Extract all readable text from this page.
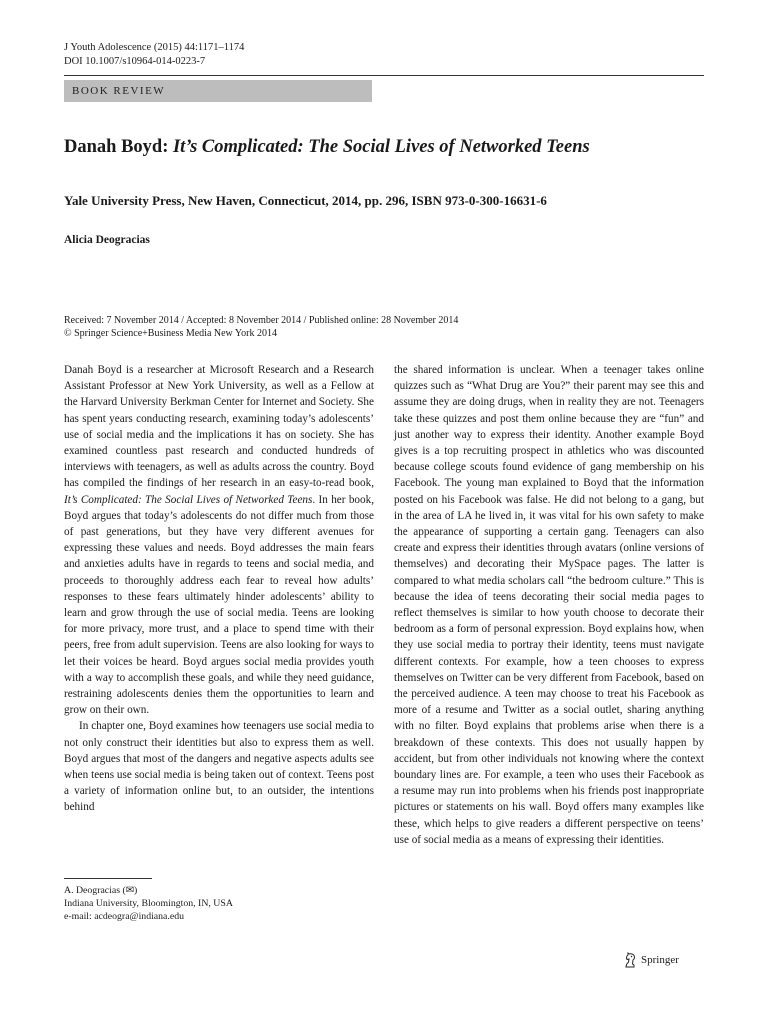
J Youth Adolescence (2015) 44:1171–1174
DOI 10.1007/s10964-014-0223-7
BOOK REVIEW
Danah Boyd: It’s Complicated: The Social Lives of Networked Teens
Yale University Press, New Haven, Connecticut, 2014, pp. 296, ISBN 973-0-300-16631-6
Alicia Deogracias
Received: 7 November 2014 / Accepted: 8 November 2014 / Published online: 28 November 2014
© Springer Science+Business Media New York 2014

Danah Boyd is a researcher at Microsoft Research and a Research Assistant Professor at New York University, as well as a Fellow at the Harvard University Berkman Center for Internet and Society. She has spent years conducting research, examining today’s adolescents’ use of social media and the implications it has on society. She has examined countless past research and conducted hundreds of interviews with teenagers, as well as adults across the country. Boyd has compiled the findings of her research in an easy-to-read book, It’s Complicated: The Social Lives of Networked Teens. In her book, Boyd argues that today’s adolescents do not differ much from those of past generations, but they have very different avenues for expressing these values and needs. Boyd addresses the main fears and anxieties adults have in regards to teens and social media, and proceeds to thoroughly address each fear to reveal how adults’ responses to these fears ultimately hinder adolescents’ ability to learn and grow through the use of social media. Teens are looking for more privacy, more trust, and a place to spend time with their peers, free from adult supervision. Teens are also looking for ways to let their voices be heard. Boyd argues social media provides youth with a way to accomplish these goals, and while they need guidance, restraining adolescents denies them the opportunities to learn and grow on their own.

In chapter one, Boyd examines how teenagers use social media to not only construct their identities but also to express them as well. Boyd argues that most of the dangers and negative aspects adults see when teens use social media is being taken out of context. Teens post a variety of information online but, to an outsider, the intentions behind

the shared information is unclear. When a teenager takes online quizzes such as “What Drug are You?” their parent may see this and assume they are doing drugs, when in reality they are not. Teenagers take these quizzes and post them online because they are “fun” and just another way to express their identity. Another example Boyd gives is a top recruiting prospect in athletics who was discounted because college scouts found evidence of gang membership on his Facebook. The young man explained to Boyd that the information posted on his Facebook was false. He did not belong to a gang, but in the area of LA he lived in, it was vital for his own safety to make the appearance of supporting a certain gang. Teenagers can also create and express their identities through avatars (online versions of themselves) and decorating their MySpace pages. The latter is compared to what media scholars call “the bedroom culture.” This is because the idea of teens decorating their social media pages to reflect themselves is similar to how youth choose to decorate their bedroom as a form of personal expression. Boyd explains how, when they use social media to portray their identity, teens must navigate different contexts. For example, how a teen chooses to express themselves on Twitter can be very different from Facebook, based on the perceived audience. A teen may choose to treat his Facebook as more of a resume and Twitter as a social outlet, sharing anything with no filter. Boyd explains that problems arise when there is a breakdown of these contexts. This does not usually happen by accident, but from other individuals not knowing where the context boundary lines are. For example, a teen who uses their Facebook as a resume may run into problems when his friends post inappropriate pictures or statements on his wall. Boyd offers many examples like these, which helps to give readers a different perspective on teens’ use of social media as a means of expressing their identities.

A. Deogracias (✉)
Indiana University, Bloomington, IN, USA
e-mail: acdeogra@indiana.edu
Springer
